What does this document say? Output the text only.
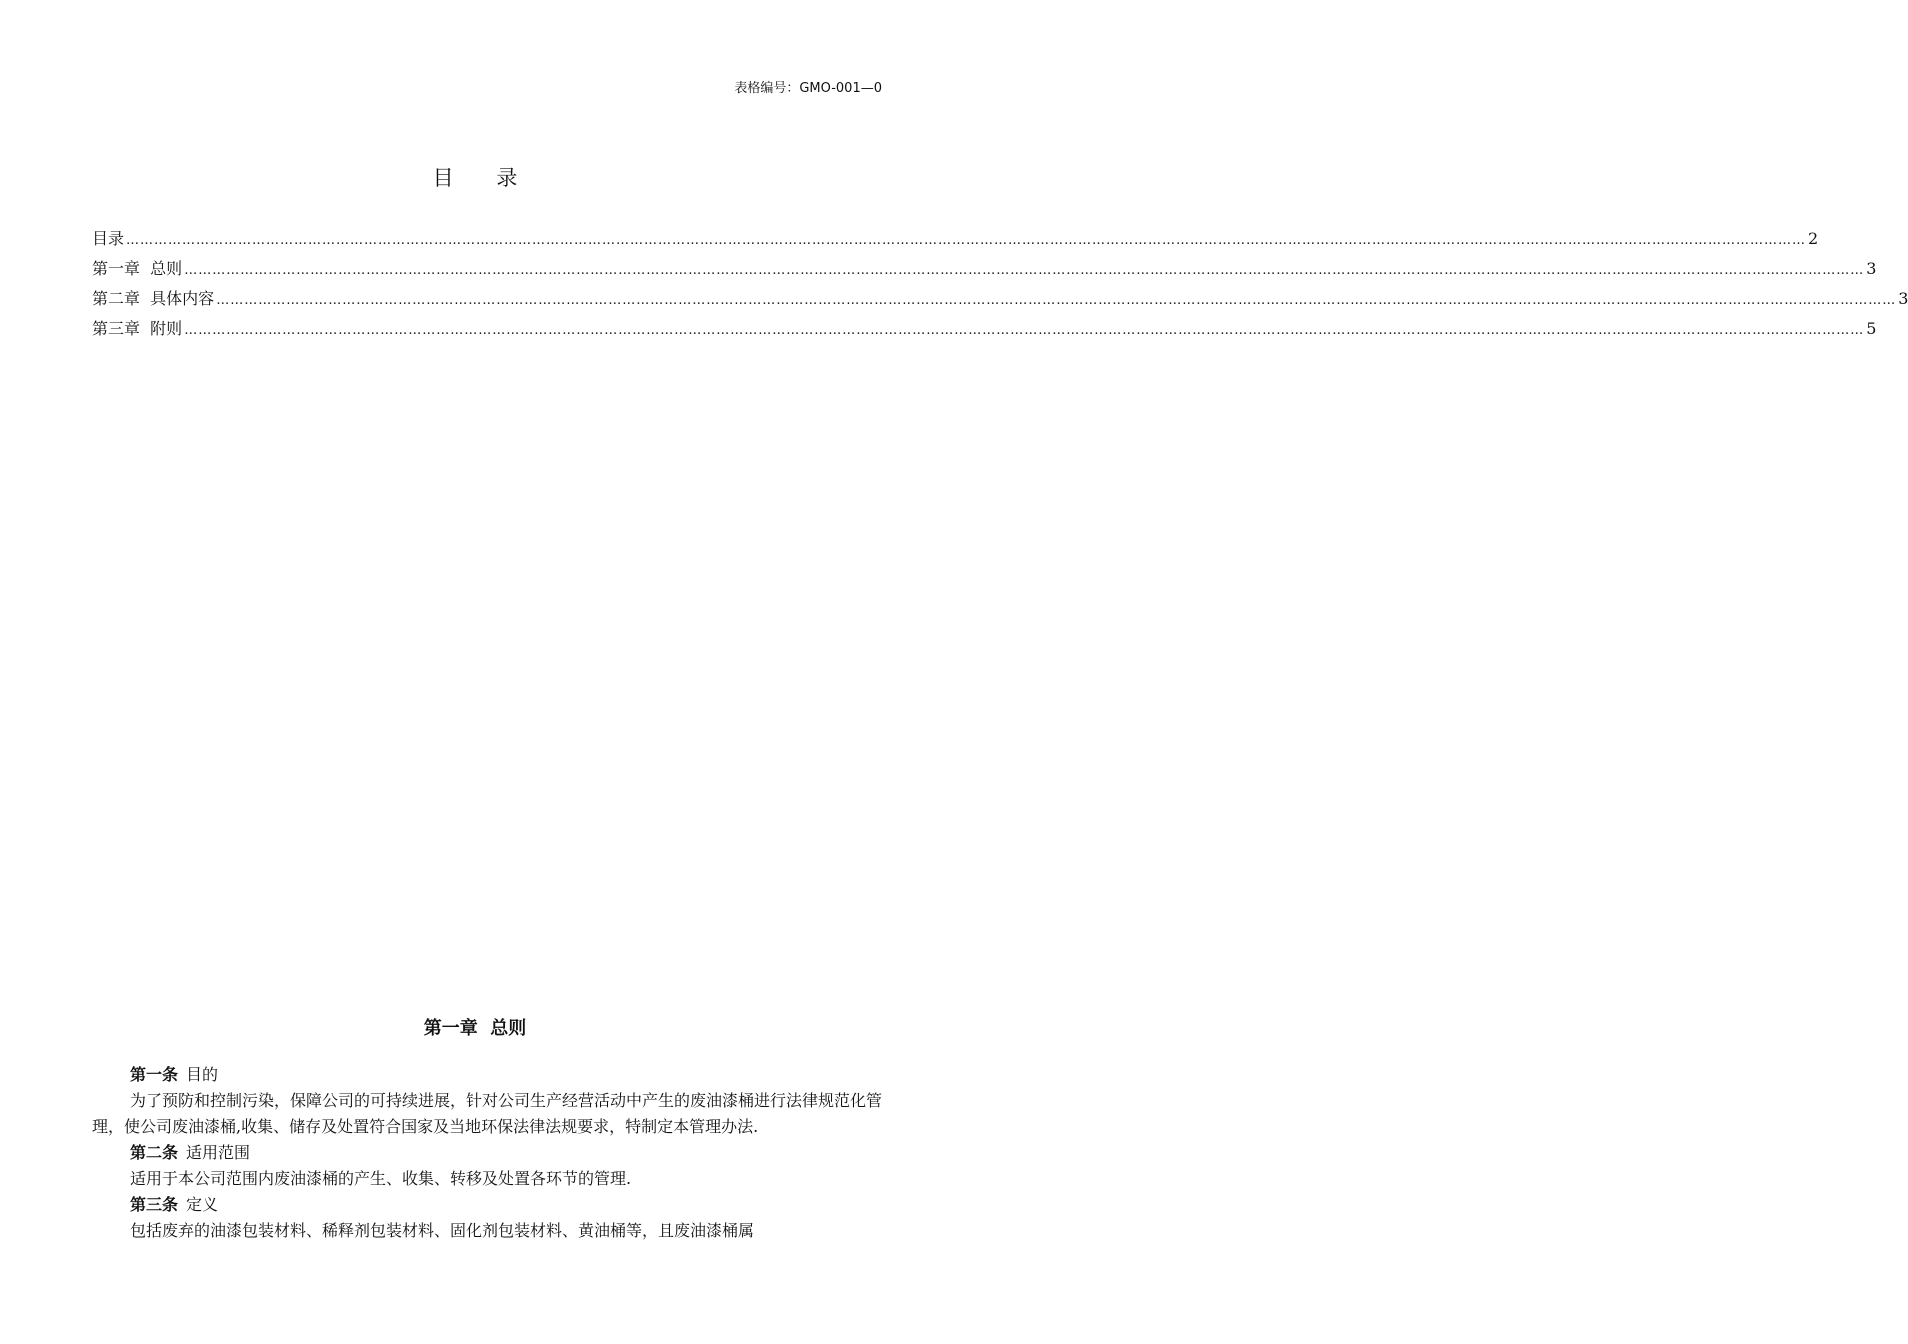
表格编号：GMO-001—0
目 录
目录 ……………………………………………………………………………………………………………………………………………………………………………………………………………………………………………………………………………………………………………………………… 2
第一章  总则 ……………………………………………………………………………………………………………………………………………………………………………………………………………………………………………………………………………………………………………………………… 3
第二章  具体内容 ……………………………………………………………………………………………………………………………………………………………………………………………………………………………………………………………………………………………………………………………… 3
第三章  附则 ……………………………………………………………………………………………………………………………………………………………………………………………………………………………………………………………………………………………………………………………… 5
第一章  总则

第一条 目的

为了预防和控制污染，保障公司的可持续进展，针对公司生产经营活动中产生的废油漆桶进行法律规范化管理，使公司废油漆桶,收集、储存及处置符合国家及当地环保法律法规要求，特制定本管理办法.

第二条 适用范围

适用于本公司范围内废油漆桶的产生、收集、转移及处置各环节的管理.

第三条 定义

包括废弃的油漆包装材料、稀释剂包装材料、固化剂包装材料、黄油桶等，且废油漆桶属
